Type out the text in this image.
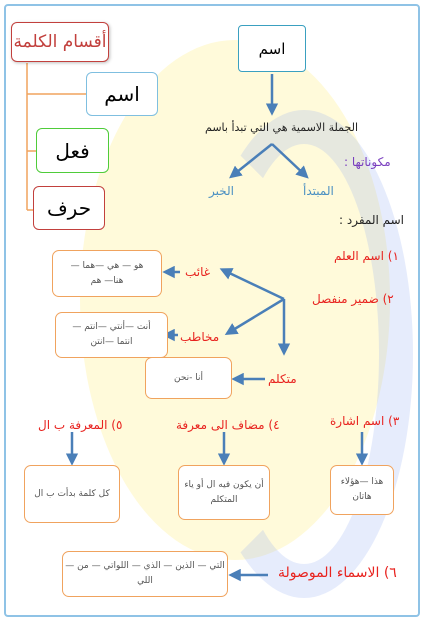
أقسام الكلمة
اسم
فعل
حرف
اسم
الجملة الاسمية هي التي تبدأ باسم
مكوناتها :
المبتدأ
الخبر
اسم المفرد :
١) اسم العلم
٢) ضمير منفصل
٣) اسم اشارة
٤) مضاف الى معرفة
٥) المعرفة ب ال
٦) الاسماء الموصولة
غائب
هو — هي —هما —
هنا— هم
مخاطب
أنت —أنتي —انتم —
انتما —انتن
متكلم
أنا -نحن
هذا —هؤلاء
هاتان
أن يكون فيه ال أو ياء
المتكلم
كل كلمة بدأت ب ال
التي — الذين — الذي — اللواتي — من —اللي
